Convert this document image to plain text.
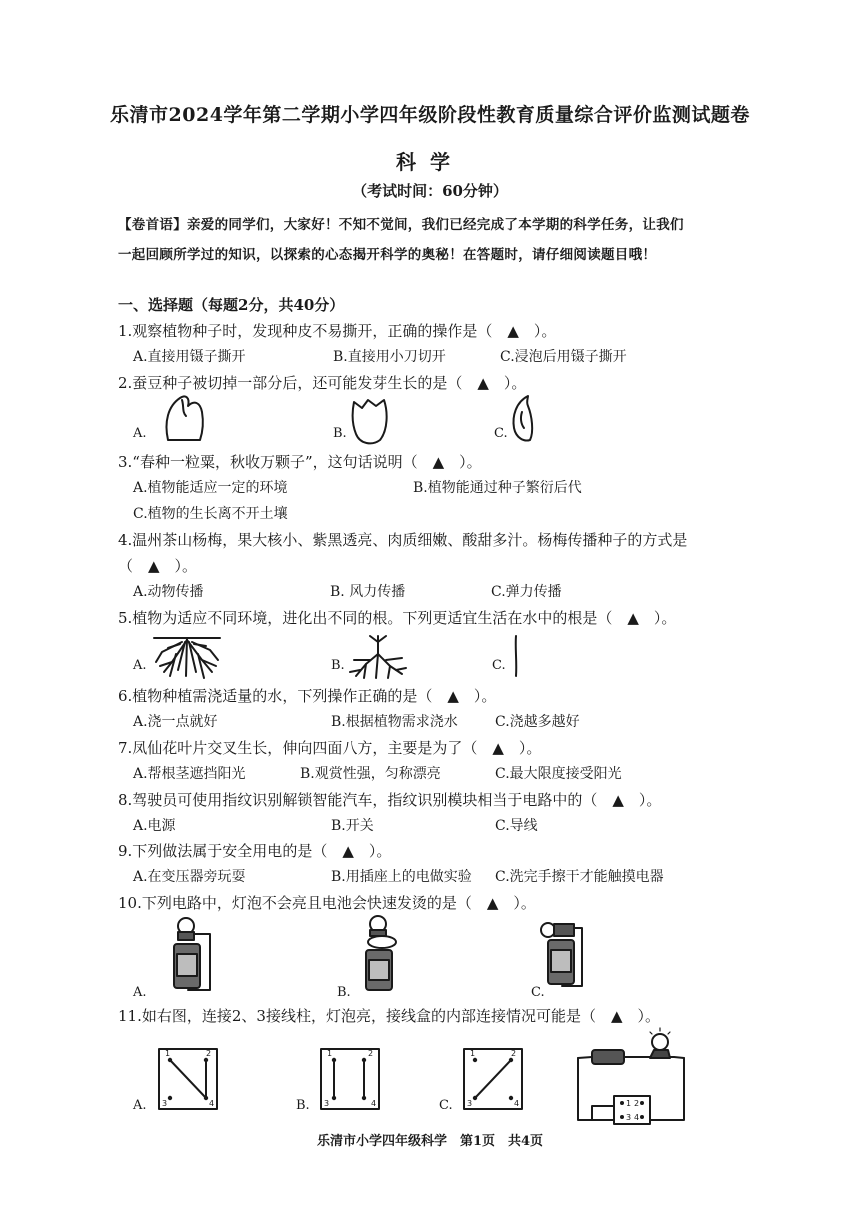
乐清市2024学年第二学期小学四年级阶段性教育质量综合评价监测试题卷
科学
（考试时间：60分钟）
【卷首语】亲爱的同学们，大家好！不知不觉间，我们已经完成了本学期的科学任务，让我们
一起回顾所学过的知识，以探索的心态揭开科学的奥秘！在答题时，请仔细阅读题目哦！
一、选择题（每题2分，共40分）
1.观察植物种子时，发现种皮不易撕开，正确的操作是（　▲　）。
A.直接用镊子撕开	B.直接用小刀切开	C.浸泡后用镊子撕开
2.蚕豆种子被切掉一部分后，还可能发芽生长的是（　▲　）。
A.	B.	C.
3.“春种一粒粟，秋收万颗子”，这句话说明（　▲　）。
A.植物能适应一定的环境	B.植物能通过种子繁衍后代
C.植物的生长离不开土壤
4.温州茶山杨梅，果大核小、紫黑透亮、肉质细嫩、酸甜多汁。杨梅传播种子的方式是
（　▲　）。
A.动物传播	B. 风力传播	C.弹力传播
5.植物为适应不同环境，进化出不同的根。下列更适宜生活在水中的根是（　▲　）。
A.	B.	C.
6.植物种植需浇适量的水，下列操作正确的是（　▲　）。
A.浇一点就好	B.根据植物需求浇水	C.浇越多越好
7.凤仙花叶片交叉生长，伸向四面八方，主要是为了（　▲　）。
A.帮根茎遮挡阳光	B.观赏性强，匀称漂亮	C.最大限度接受阳光
8.驾驶员可使用指纹识别解锁智能汽车，指纹识别模块相当于电路中的（　▲　）。
A.电源	B.开关	C.导线
9.下列做法属于安全用电的是（　▲　）。
A.在变压器旁玩耍	B.用插座上的电做实验 C.洗完手擦干才能触摸电器
10.下列电路中，灯泡不会亮且电池会快速发烫的是（　▲　）。
A.	B.	C.
11.如右图，连接2、3接线柱，灯泡亮，接线盒的内部连接情况可能是（　▲　）。
A.	B.	C.
1	2
3	4
1	2
3	4
1	2
3	4	1 2
3 4
乐清市小学四年级科学　第1页　共4页
